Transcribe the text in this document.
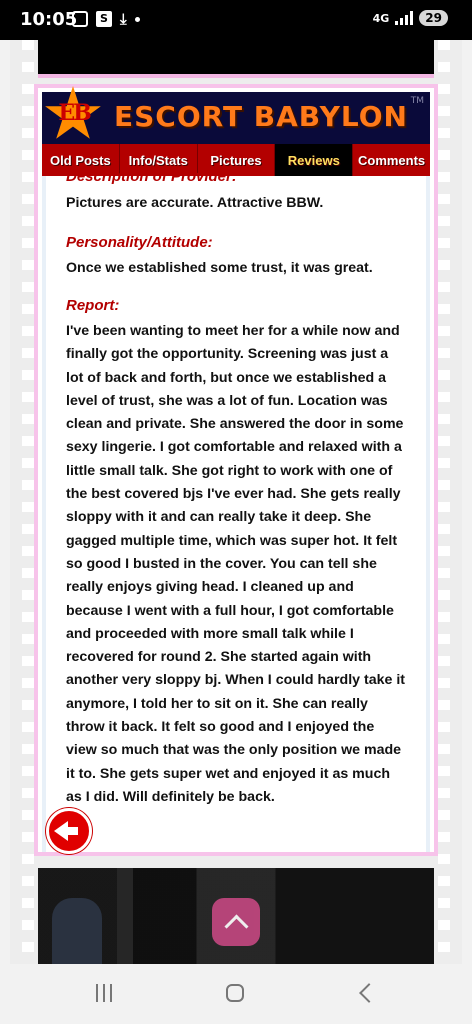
10:05	S ⤓	4G	29
EB ESCORT BABYLON TM
Old Posts	Info/Stats	Pictures	Reviews	Comments

Description of Provider:

Pictures are accurate. Attractive BBW.

Personality/Attitude:

Once we established some trust, it was great.

Report:

I've been wanting to meet her for a while now and finally got the opportunity. Screening was just a lot of back and forth, but once we established a level of trust, she was a lot of fun. Location was clean and private. She answered the door in some sexy lingerie. I got comfortable and relaxed with a little small talk. She got right to work with one of the best covered bjs I've ever had. She gets really sloppy with it and can really take it deep. She gagged multiple time, which was super hot. It felt so good I busted in the cover. You can tell she really enjoys giving head. I cleaned up and because I went with a full hour, I got comfortable and proceeded with more small talk while I recovered for round 2. She started again with another very sloppy bj. When I could hardly take it anymore, I told her to sit on it. She can really throw it back. It felt so good and I enjoyed the view so much that was the only position we made it to. She gets super wet and enjoyed it as much as I did. Will definitely be back.
